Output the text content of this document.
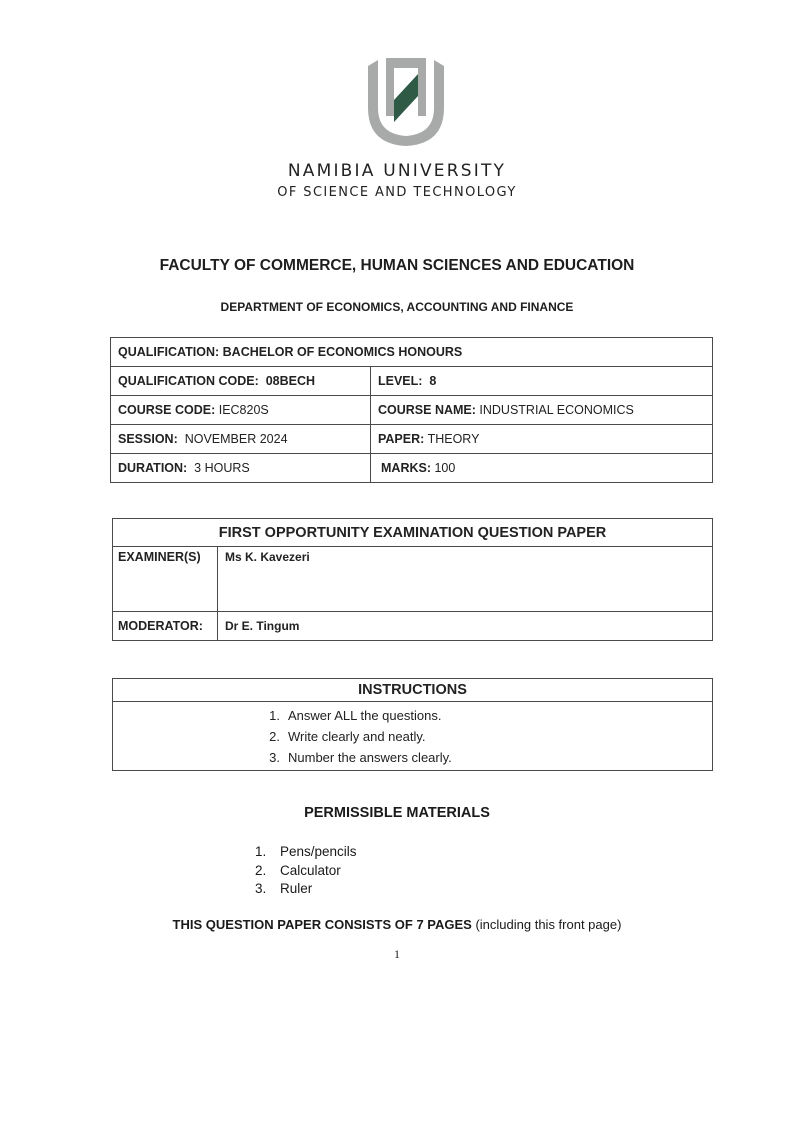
NAMIBIA UNIVERSITY
OF SCIENCE AND TECHNOLOGY
FACULTY OF COMMERCE, HUMAN SCIENCES AND EDUCATION
DEPARTMENT OF ECONOMICS, ACCOUNTING AND FINANCE
QUALIFICATION: BACHELOR OF ECONOMICS HONOURS	
QUALIFICATION CODE: 08BECH	LEVEL: 8
COURSE CODE: IEC820S	COURSE NAME: INDUSTRIAL ECONOMICS
SESSION: NOVEMBER 2024	PAPER: THEORY
DURATION: 3 HOURS	MARKS: 100
FIRST OPPORTUNITY EXAMINATION QUESTION PAPER	
EXAMINER(S)	Ms K. Kavezeri
MODERATOR:	Dr E. Tingum
INSTRUCTIONS

1. Answer ALL the questions.
2. Write clearly and neatly.
3. Number the answers clearly.
PERMISSIBLE MATERIALS
1. Pens/pencils
2. Calculator
3. Ruler
THIS QUESTION PAPER CONSISTS OF 7 PAGES (including this front page)
1
